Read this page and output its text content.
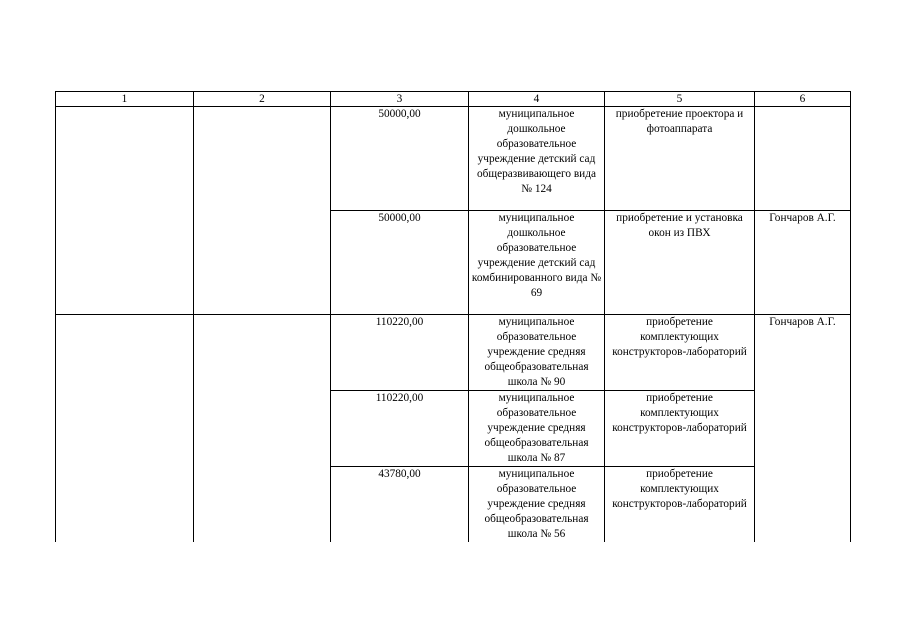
1	2	3	4	5	6
		50000,00	муниципальное дошкольное образовательное учреждение детский сад общеразвивающего вида № 124	приобретение проектора и фотоаппарата	
		50000,00	муниципальное дошкольное образовательное учреждение детский сад комбинированного вида № 69	приобретение и установка окон из ПВХ	Гончаров А.Г.
		110220,00	муниципальное образовательное учреждение средняя общеобразовательная школа № 90	приобретение комплектующих конструкторов-лабораторий	Гончаров А.Г.
		110220,00	муниципальное образовательное учреждение средняя общеобразовательная школа № 87	приобретение комплектующих конструкторов-лабораторий	
		43780,00	муниципальное образовательное учреждение средняя общеобразовательная школа № 56	приобретение комплектующих конструкторов-лабораторий	
